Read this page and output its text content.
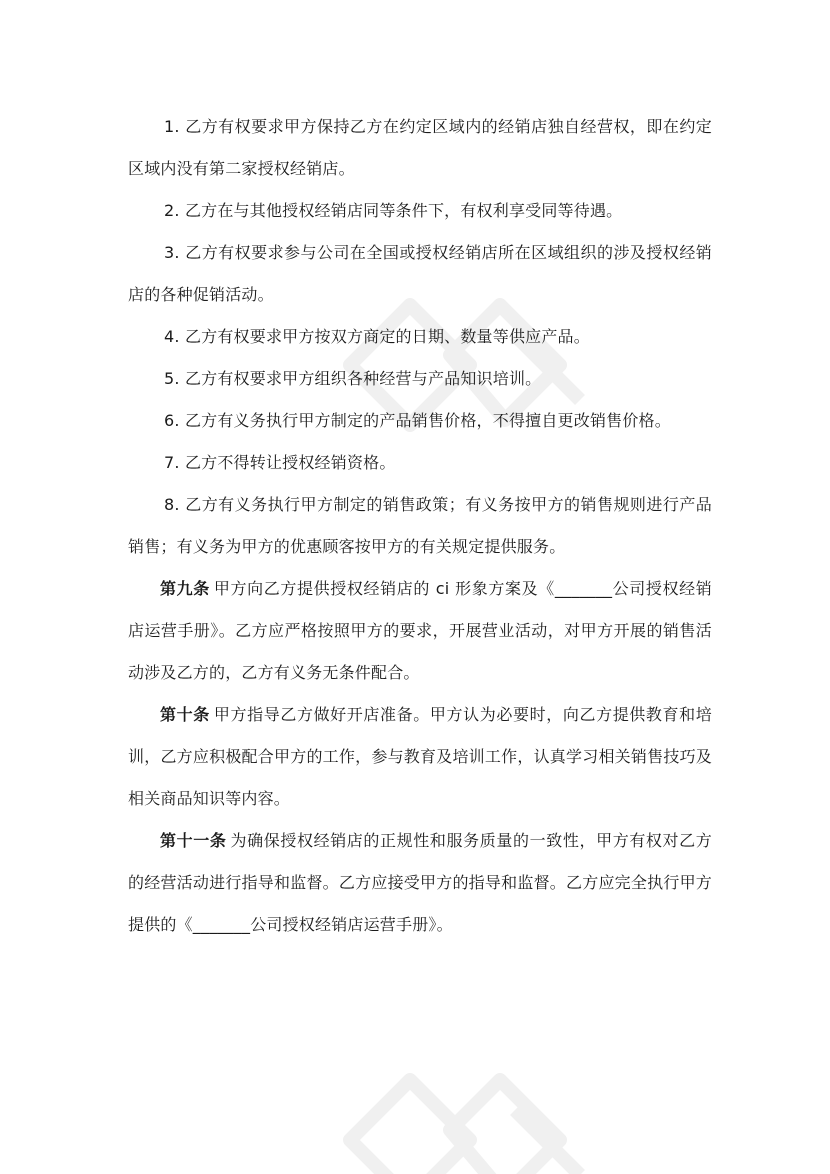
1. 乙方有权要求甲方保持乙方在约定区域内的经销店独自经营权，即在约定区域内没有第二家授权经销店。

2. 乙方在与其他授权经销店同等条件下，有权利享受同等待遇。

3. 乙方有权要求参与公司在全国或授权经销店所在区域组织的涉及授权经销店的各种促销活动。

4. 乙方有权要求甲方按双方商定的日期、数量等供应产品。

5. 乙方有权要求甲方组织各种经营与产品知识培训。

6. 乙方有义务执行甲方制定的产品销售价格，不得擅自更改销售价格。

7. 乙方不得转让授权经销资格。

8. 乙方有义务执行甲方制定的销售政策；有义务按甲方的销售规则进行产品销售；有义务为甲方的优惠顾客按甲方的有关规定提供服务。

第九条 甲方向乙方提供授权经销店的 ci 形象方案及《_______公司授权经销店运营手册》。乙方应严格按照甲方的要求，开展营业活动，对甲方开展的销售活动涉及乙方的，乙方有义务无条件配合。

第十条 甲方指导乙方做好开店准备。甲方认为必要时，向乙方提供教育和培训，乙方应积极配合甲方的工作，参与教育及培训工作，认真学习相关销售技巧及相关商品知识等内容。

第十一条 为确保授权经销店的正规性和服务质量的一致性，甲方有权对乙方的经营活动进行指导和监督。乙方应接受甲方的指导和监督。乙方应完全执行甲方提供的《_______公司授权经销店运营手册》。
